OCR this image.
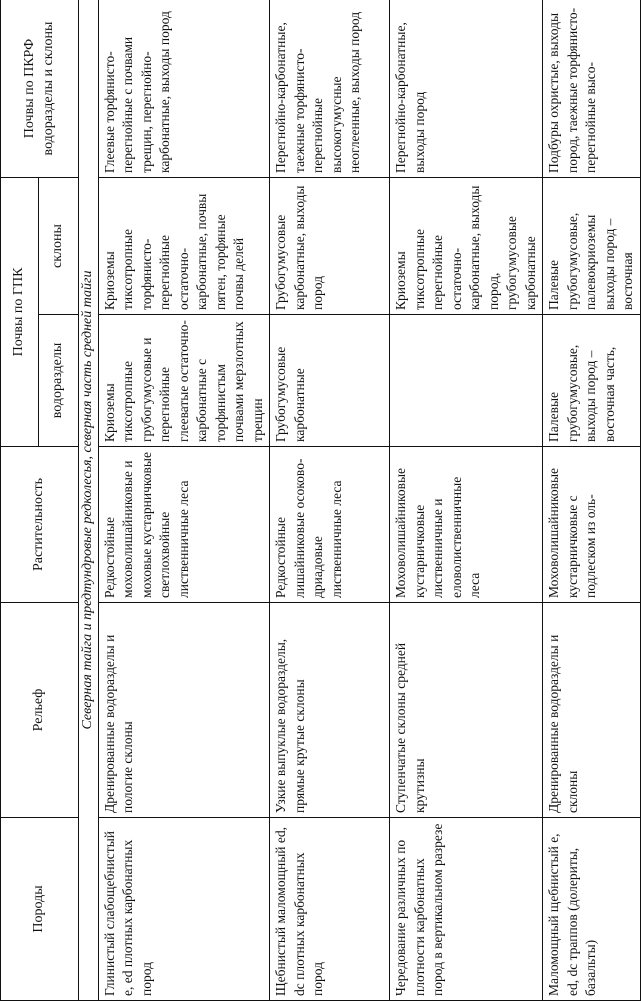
Породы	Рельеф	Растительность	Почвы по ГПК		Почвы по ПКРФ водоразделы и склоны
			водоразделы	склоны	
Северная тайга и предтундровые редколесья, северная часть средней тайги					
Глинистый слабощебнистый e, ed плотных карбонатных пород	Дренированные водоразделы и пологие склоны	Редкостойные моховолишайниковые и моховые кустарничковые светлохвойные лиственничные леса	Криоземы тиксотропные грубогумусовые и перегнойные глееватые остаточно-карбонатные с торфянистым почвами мерзлотных трещин	Криоземы тиксотропные торфянисто-перегнойные остаточно-карбонатные, почвы пятен, торфяные почвы делей	Глеевые торфянисто-перегнойные с почвами трещин, перегнойно-карбонатные, выходы пород
Щебнистый маломощный ed, dc плотных карбонатных пород	Узкие выпуклые водоразделы, прямые крутые склоны	Редкостойные лишайниковые осоково-дриадовые лиственничные леса	Грубогумусовые карбонатные	Грубогумусовые карбонатные, выходы пород	Перегнойно-карбонатные, таежные торфянисто-перегнойные высокогумусные неоглеенные, выходы пород
Чередование различных по плотности карбонатных пород в вертикальном разрезе	Ступенчатые склоны средней крутизны	Моховолишайниковые кустарничковые лиственничные и еловолиственничные леса		Криоземы тиксотропные перегнойные остаточно-карбонатные, выходы пород, грубогумусовые карбонатные	Перегнойно-карбонатные, выходы пород
Маломощный щебнистый e, ed, dc траппов (долериты, базальты)	Дренированные водоразделы и склоны	Моховолишайниковые кустарничковые с подлеском из оль-	Палевые грубогумусовые, выходы пород – восточная часть,	Палевые грубогумусовые, палевокриоземы выходы пород – восточная	Подбуры охристые, выходы пород, таежные торфянисто-перегнойные высо-
